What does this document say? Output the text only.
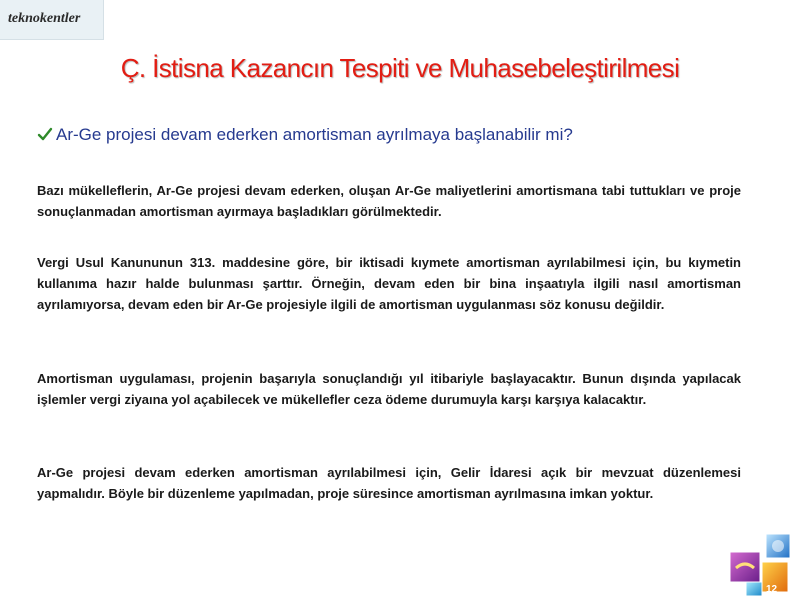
teknokentler
Ç. İstisna Kazancın Tespiti ve Muhasebeleştirilmesi
Ar-Ge projesi devam ederken amortisman ayrılmaya başlanabilir mi?

Bazı mükelleflerin, Ar-Ge projesi devam ederken, oluşan Ar-Ge maliyetlerini amortismana tabi tuttukları ve proje sonuçlanmadan amortisman ayırmaya başladıkları görülmektedir.

Vergi Usul Kanununun 313. maddesine göre, bir iktisadi kıymete amortisman ayrılabilmesi için, bu kıymetin kullanıma hazır halde bulunması şarttır. Örneğin, devam eden bir bina inşaatıyla ilgili nasıl amortisman ayrılamıyorsa, devam eden bir Ar-Ge projesiyle ilgili de amortisman uygulanması söz konusu değildir.

Amortisman uygulaması, projenin başarıyla sonuçlandığı yıl itibariyle başlayacaktır. Bunun dışında yapılacak işlemler vergi ziyaına yol açabilecek ve mükellefler ceza ödeme durumuyla karşı karşıya kalacaktır.

Ar-Ge projesi devam ederken amortisman ayrılabilmesi için, Gelir İdaresi açık bir mevzuat düzenlemesi yapmalıdır. Böyle bir düzenleme yapılmadan, proje süresince amortisman ayrılmasına imkan yoktur.

12
